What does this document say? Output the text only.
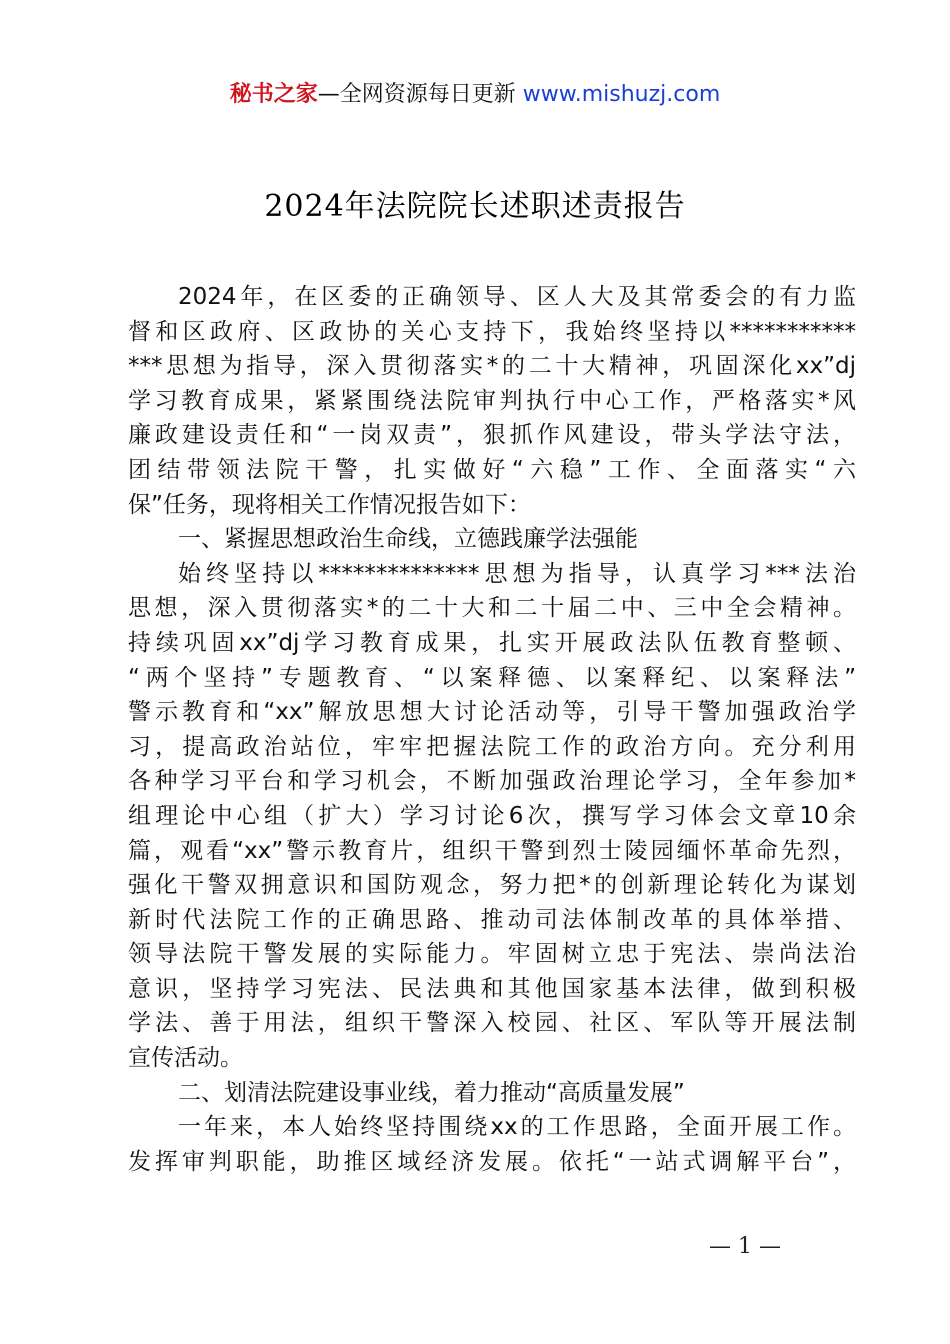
秘书之家—全网资源每日更新 www.mishuzj.com
2024年法院院长述职述责报告
2024年，在区委的正确领导、区人大及其常委会的有力监
督和区政府、区政协的关心支持下，我始终坚持以***********
***思想为指导，深入贯彻落实*的二十大精神，巩固深化xx”dj
学习教育成果，紧紧围绕法院审判执行中心工作，严格落实*风
廉政建设责任和“一岗双责”，狠抓作风建设，带头学法守法，
团结带领法院干警，扎实做好“六稳”工作、全面落实“六
保”任务，现将相关工作情况报告如下：
一、紧握思想政治生命线，立德践廉学法强能
始终坚持以**************思想为指导，认真学习***法治
思想，深入贯彻落实*的二十大和二十届二中、三中全会精神。
持续巩固xx”dj学习教育成果，扎实开展政法队伍教育整顿、
“两个坚持”专题教育、“以案释德、以案释纪、以案释法”
警示教育和“xx”解放思想大讨论活动等，引导干警加强政治学
习，提高政治站位，牢牢把握法院工作的政治方向。充分利用
各种学习平台和学习机会，不断加强政治理论学习，全年参加*
组理论中心组（扩大）学习讨论6次，撰写学习体会文章10余
篇，观看“xx”警示教育片，组织干警到烈士陵园缅怀革命先烈，
强化干警双拥意识和国防观念，努力把*的创新理论转化为谋划
新时代法院工作的正确思路、推动司法体制改革的具体举措、
领导法院干警发展的实际能力。牢固树立忠于宪法、崇尚法治
意识，坚持学习宪法、民法典和其他国家基本法律，做到积极
学法、善于用法，组织干警深入校园、社区、军队等开展法制
宣传活动。
二、划清法院建设事业线，着力推动“高质量发展”
一年来，本人始终坚持围绕xx的工作思路，全面开展工作。
发挥审判职能，助推区域经济发展。依托“一站式调解平台”，
— 1 —
